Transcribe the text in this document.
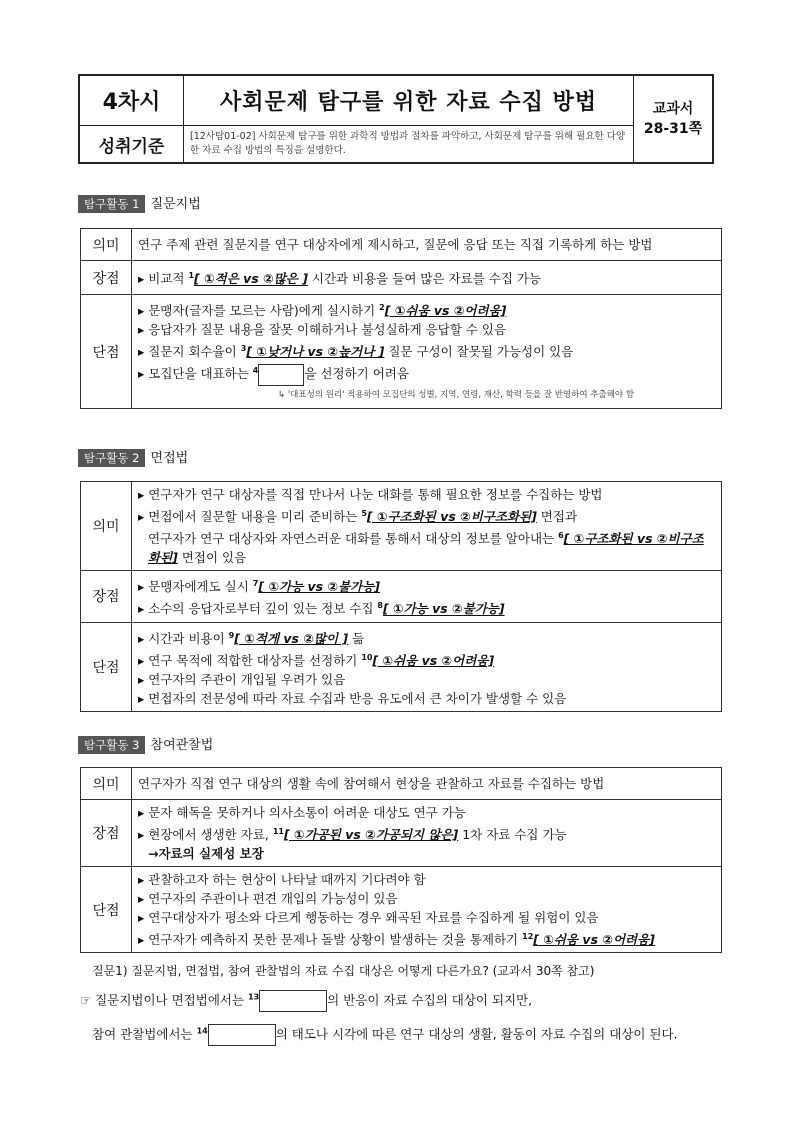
4차시	사회문제 탐구를 위한 자료 수집 방법	교과서
28-31쪽
성취기준	[12사탐01-02] 사회문제 탐구를 위한 과학적 방법과 절차를 파악하고, 사회문제 탐구를 위해 필요한 다양한 자료 수집 방법의 특징을 설명한다.
탐구활동 1 질문지법
의미	연구 주제 관련 질문지를 연구 대상자에게 제시하고, 질문에 응답 또는 직접 기록하게 하는 방법
장점	▸ 비교적 $^1$[ ①적은 vs ②많은 ] 시간과 비용을 들여 많은 자료를 수집 가능
단점	▸ 문맹자(글자를 모르는 사람)에게 실시하기 $^2$[ ①쉬움 vs ②어려움]
▸ 응답자가 질문 내용을 잘못 이해하거나 불성실하게 응답할 수 있음
▸ 질문지 회수율이 $^3$[ ①낮거나 vs ②높거나 ] 질문 구성이 잘못될 가능성이 있음
▸ 모집단을 대표하는 $^4$ 을 선정하기 어려움
↳ '대표성의 원리' 적용하여 모집단의 성별, 지역, 연령, 재산, 학력 등을 잘 반영하여 추출해야 함
탐구활동 2 면접법
의미	▸ 연구자가 연구 대상자를 직접 만나서 나눈 대화를 통해 필요한 정보를 수집하는 방법
▸ 면접에서 질문할 내용을 미리 준비하는 $^5$[ ①구조화된 vs ②비구조화된] 면접과
연구자가 연구 대상자와 자연스러운 대화를 통해서 대상의 정보를 알아내는 $^6$[ ①구조화된 vs ②비구조화된] 면접이 있음

장점	▸ 문맹자에게도 실시 $^7$[ ①가능 vs ②불가능]
▸ 소수의 응답자로부터 깊이 있는 정보 수집 $^8$[ ①가능 vs ②불가능]

단점	▸ 시간과 비용이 $^9$[ ①적게 vs ②많이 ] 듦
▸ 연구 목적에 적합한 대상자를 선정하기 $^{10}$[ ①쉬움 vs ②어려움]
▸ 연구자의 주관이 개입될 우려가 있음
▸ 면접자의 전문성에 따라 자료 수집과 반응 유도에서 큰 차이가 발생할 수 있음
탐구활동 3 참여관찰법
의미	연구자가 직접 연구 대상의 생활 속에 참여해서 현상을 관찰하고 자료를 수집하는 방법
장점	▸ 문자 해독을 못하거나 의사소통이 어려운 대상도 연구 가능
▸ 현장에서 생생한 자료, $^{11}$[ ①가공된 vs ②가공되지 않은] 1차 자료 수집 가능
→자료의 실제성 보장

단점	▸ 관찰하고자 하는 현상이 나타날 때까지 기다려야 함
▸ 연구자의 주관이나 편견 개입의 가능성이 있음
▸ 연구대상자가 평소와 다르게 행동하는 경우 왜곡된 자료를 수집하게 될 위험이 있음
▸ 연구자가 예측하지 못한 문제나 돌발 상황이 발생하는 것을 통제하기 $^{12}$[ ①쉬움 vs ②어려움]
질문1) 질문지법, 면접법, 참여 관찰법의 자료 수집 대상은 어떻게 다른가요? (교과서 30쪽 참고)
☞ 질문지법이나 면접법에서는 $^{13}$	의 반응이 자료 수집의 대상이 되지만,
참여 관찰법에서는 $^{14}$	의 태도나 시각에 따른 연구 대상의 생활, 활동이 자료 수집의 대상이 된다.
